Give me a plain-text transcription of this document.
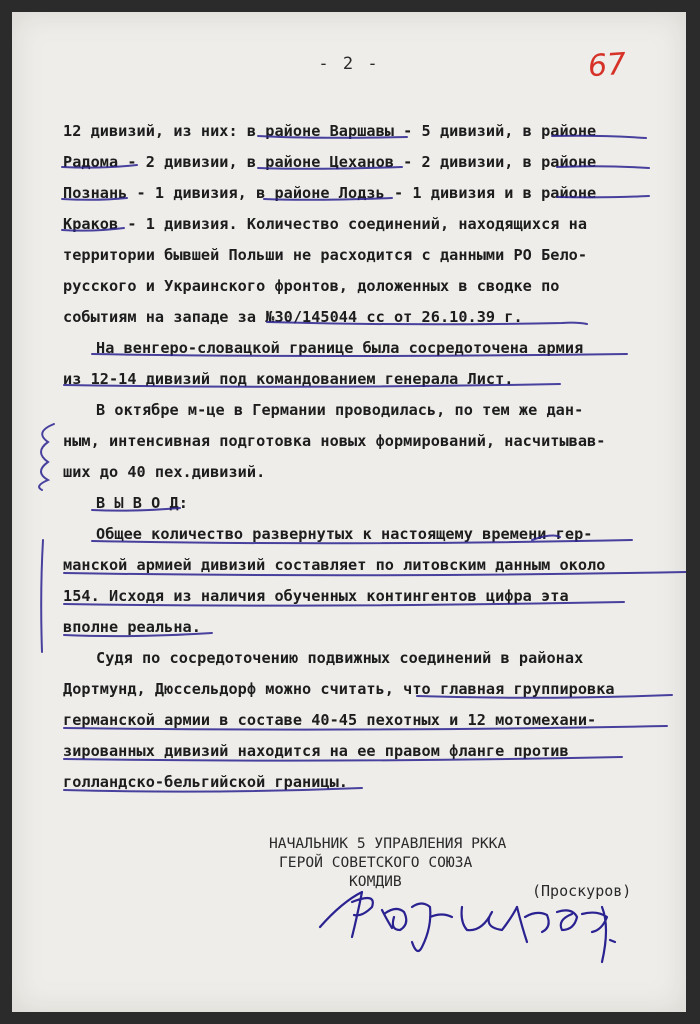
- 2 -	67

12 дивизий, из них: в районе Варшавы - 5 дивизий, в районе
Радома - 2 дивизии, в районе Цеханов - 2 дивизии, в районе
Познань - 1 дивизия, в районе Лодзь - 1 дивизия и в районе
Краков - 1 дивизия. Количество соединений, находящихся на
территории бывшей Польши не расходится с данными РО Бело-
русского и Украинского фронтов, доложенных в сводке по
событиям на западе за №30/145044 сс от 26.10.39 г.

На венгеро-словацкой границе была сосредоточена армия

из 12-14 дивизий под командованием генерала Лист.

В октябре м-це в Германии проводилась, по тем же дан-

ным, интенсивная подготовка новых формирований, насчитывав-
ших до 40 пех.дивизий.

В Ы В О Д:

Общее количество развернутых к настоящему времени гер-

манской армией дивизий составляет по литовским данным около
154. Исходя из наличия обученных контингентов цифра эта
вполне реальна.

Судя по сосредоточению подвижных соединений в районах

Дортмунд, Дюссельдорф можно считать, что главная группировка
германской армии в составе 40-45 пехотных и 12 мотомехани-
зированных дивизий находится на ее правом фланге против
голландско-бельгийской границы.

НАЧАЛЬНИК 5 УПРАВЛЕНИЯ РККА
ГЕРОЙ СОВЕТСКОГО СОЮЗА
КОМДИВ
(Проскуров)
Проскуров
